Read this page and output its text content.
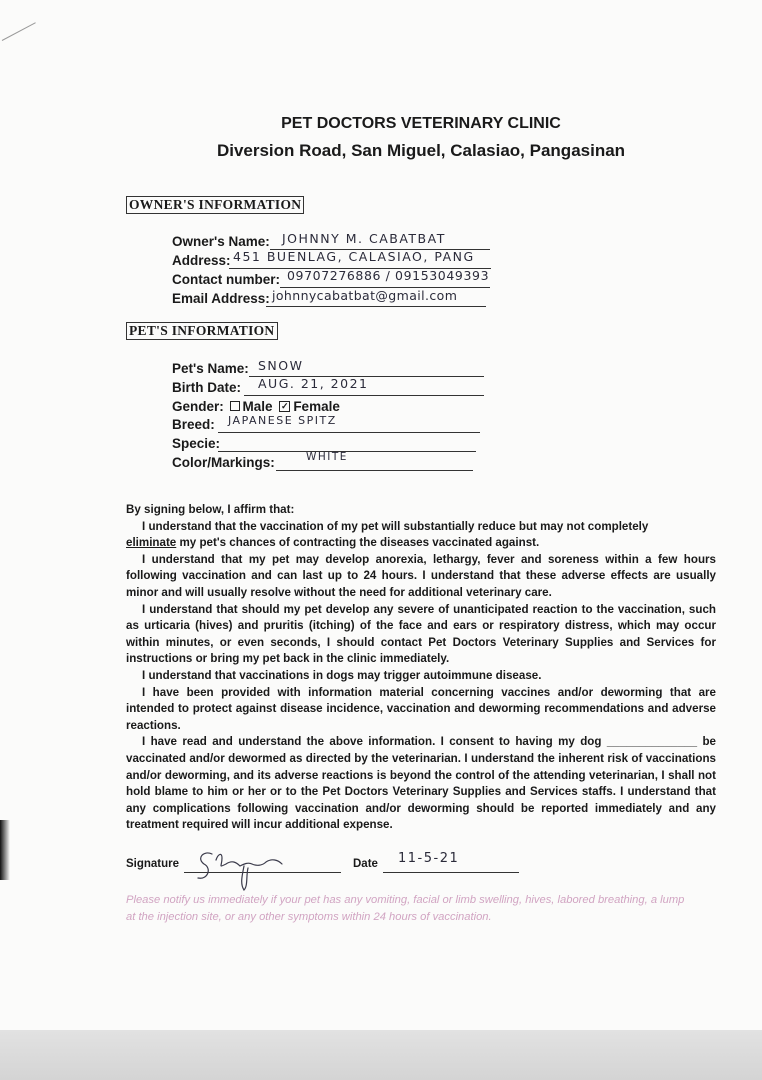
PET DOCTORS VETERINARY CLINIC
Diversion Road, San Miguel, Calasiao, Pangasinan
OWNER'S INFORMATION
Owner's Name: JOHNNY M. CABATBAT
Address: 451 BUENLAG, CALASIAO, PANG
Contact number: 09707276886 / 09153049393
Email Address: johnnycabatbat@gmail.com
PET'S INFORMATION
Pet's Name: SNOW
Birth Date: AUG. 21, 2021
Gender: Male ✓ Female
Breed: JAPANESE SPITZ
Specie:
Color/Markings:	WHITE

By signing below, I affirm that:

I understand that the vaccination of my pet will substantially reduce but may not completely
eliminate my pet's chances of contracting the diseases vaccinated against.

I understand that my pet may develop anorexia, lethargy, fever and soreness within a few hours following vaccination and can last up to 24 hours. I understand that these adverse effects are usually minor and will usually resolve without the need for additional veterinary care.

I understand that should my pet develop any severe of unanticipated reaction to the vaccination, such as urticaria (hives) and pruritis (itching) of the face and ears or respiratory distress, which may occur within minutes, or even seconds, I should contact Pet Doctors Veterinary Supplies and Services for instructions or bring my pet back in the clinic immediately.

I understand that vaccinations in dogs may trigger autoimmune disease.

I have been provided with information material concerning vaccines and/or deworming that are intended to protect against disease incidence, vaccination and deworming recommendations and adverse reactions.

I have read and understand the above information. I consent to having my dog ______________ be vaccinated and/or dewormed as directed by the veterinarian. I understand the inherent risk of vaccinations and/or deworming, and its adverse reactions is beyond the control of the attending veterinarian, I shall not hold blame to him or her or to the Pet Doctors Veterinary Supplies and Services staffs. I understand that any complications following vaccination and/or deworming should be reported immediately and any treatment required will incur additional expense.

Signature	Date 11-5-21
Please notify us immediately if your pet has any vomiting, facial or limb swelling, hives, labored breathing, a lump at the injection site, or any other symptoms within 24 hours of vaccination.
